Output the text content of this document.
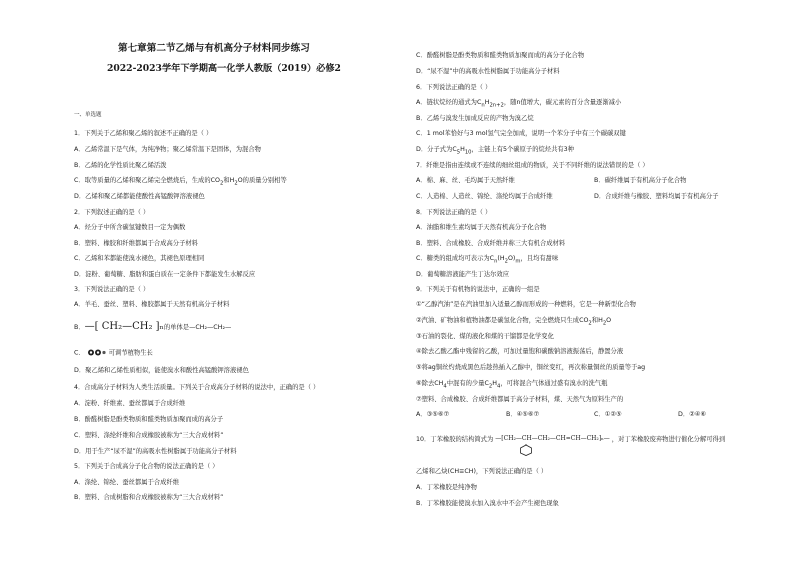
第七章第二节乙烯与有机高分子材料同步练习
2022-2023学年下学期高一化学人教版（2019）必修2
一、单选题
1．下列关于乙烯和聚乙烯的叙述不正确的是（ ）
A．乙烯常温下是气体，为纯净物；聚乙烯常温下是固体，为混合物
B．乙烯的化学性质比聚乙烯活泼
C．取等质量的乙烯和聚乙烯完全燃烧后，生成的$CO_2$和$H_2O$的质量分别相等
D．乙烯和聚乙烯都能使酸性高锰酸钾溶液褪色
2．下列叙述正确的是（ ）
A．烃分子中所含碳氢键数目一定为偶数
B．塑料、橡胶和纤维都属于合成高分子材料
C．乙烯和苯都能使溴水褪色，其褪色原理相同
D．淀粉、葡萄糖、脂肪和蛋白质在一定条件下都能发生水解反应
3．下列说法正确的是（ ）
A．羊毛、蚕丝、塑料、橡胶都属于天然有机高分子材料
B．—[ CH₂—CH₂ ]ₙ的单体是—CH₂—CH₂—
C．	可调节植物生长
D．聚乙烯和乙烯性质相似，能使溴水和酸性高锰酸钾溶液褪色
4．合成高分子材料为人类生活质量。下列关于合成高分子材料的说法中，正确的是（ ）
A．淀粉、纤维素、蚕丝都属于合成纤维
B．酚醛树脂是酚类物质和醛类物质加聚而成的高分子
C．塑料、涤纶纤维和合成橡胶被称为“三大合成材料”
D．用于生产“尿不湿”的高吸水性树脂属于功能高分子材料
5．下列关于合成高分子化合物的说法正确的是（ ）
A．涤纶、锦纶、蚕丝都属于合成纤维
B．塑料、合成树脂和合成橡胶被称为“三大合成材料”
C．酚醛树脂是酚类物质和醛类物质加聚而成的高分子化合物
D．“尿不湿”中的高吸水性树脂属于功能高分子材料
6．下列说法正确的是（ ）
A．链状烷烃的通式为$C_nH_{2n+2}$，随n值增大，碳元素的百分含量逐渐减小
B．乙烯与溴发生加成反应的产物为溴乙烷
C．1 mol苯恰好与3 mol氢气完全加成，说明一个苯分子中有三个碳碳双键
D．分子式为$C_5H_{10}$，主链上有5个碳原子的烷烃共有3种
7．纤维是指由连续或不连续的细丝组成的物质，关于不同纤维的说法错误的是（ ）
A．棉、麻、丝、毛均属于天然纤维	B．碳纤维属于有机高分子化合物
C．人造棉、人造丝、锦纶、涤纶均属于合成纤维	D．合成纤维与橡胶、塑料均属于有机高分子
8．下列说法正确的是（ ）
A．油脂和维生素均属于天然有机高分子化合物
B．塑料、合成橡胶、合成纤维并称三大有机合成材料
C．糖类的组成均可表示为$C_n(H_2O)_m$，且均有甜味
D．葡萄糖溶液能产生丁达尔效应
9．下列关于有机物的说法中，正确的一组是
①“乙醇汽油”是在汽油里加入适量乙醇而形成的一种燃料，它是一种新型化合物
②汽油、矿物油和植物油都是碳氢化合物，完全燃烧只生成$CO_2$和$H_2O$
③石油的裂化、煤的液化和煤的干馏都是化学变化
④除去乙酸乙酯中残留的乙酸，可加过量饱和碳酸钠溶液振荡后，静置分液
⑤将ag铜丝灼烧成黑色后趁热插入乙醇中，铜丝变红，再次称量铜丝的质量等于ag
⑥除去$CH_4$中混有的少量$C_2H_4$，可将混合气体通过盛有溴水的洗气瓶
⑦塑料、合成橡胶、合成纤维都属于高分子材料，煤、天然气为原料生产的
A．③⑤⑥⑦	B．④⑤⑥⑦	C．①②⑤	D．②④⑥
10．丁苯橡胶的结构简式为 —[CH₂—CH—CH₂—CH=CH—CH₂]ₙ— ，对丁苯橡胶废弃物进行催化分解可得到
乙烯和乙炔(CH≡CH)，下列说法正确的是（ ）
A．丁苯橡胶是纯净物
B．丁苯橡胶能使溴水加入溴水中不会产生褪色现象
